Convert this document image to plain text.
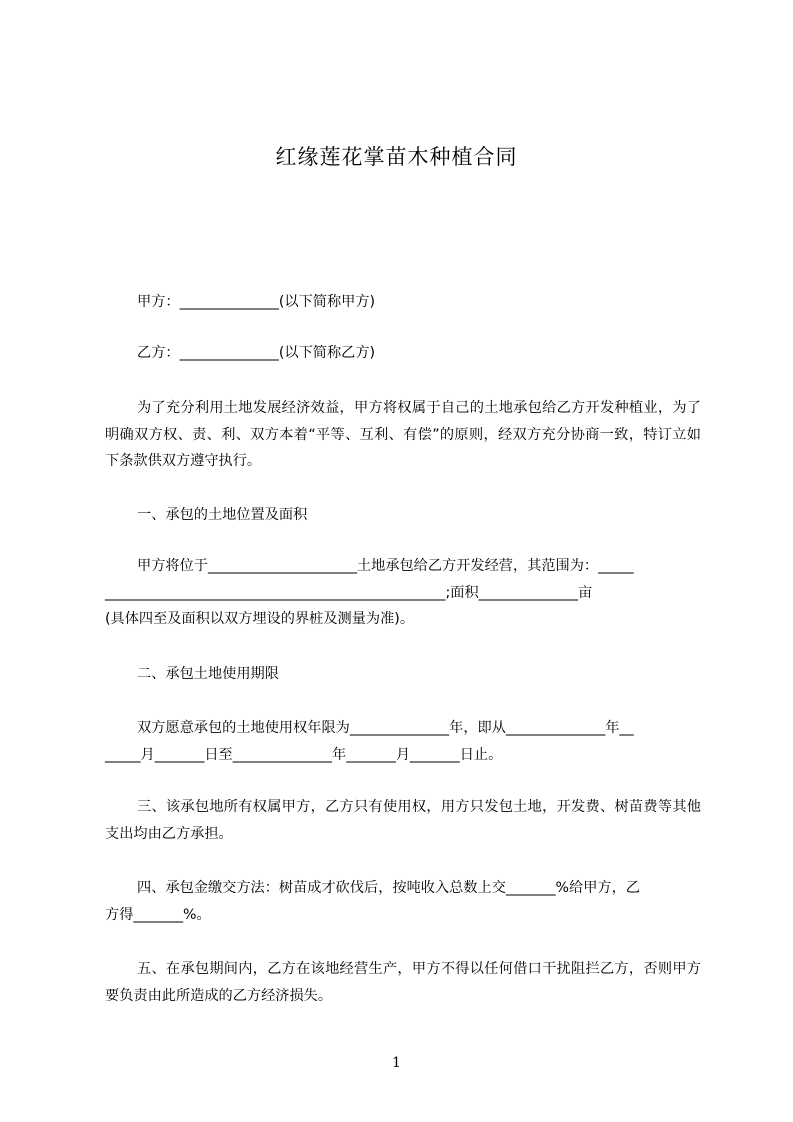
红缘莲花掌苗木种植合同
甲方：______________(以下简称甲方)
乙方：______________(以下简称乙方)
为了充分利用土地发展经济效益，甲方将权属于自己的土地承包给乙方开发种植业，为了明确双方权、责、利、双方本着“平等、互利、有偿”的原则，经双方充分协商一致，特订立如下条款供双方遵守执行。
一、承包的土地位置及面积
甲方将位于_____________________土地承包给乙方开发经营，其范围为：_____
________________________________________________;面积______________亩
(具体四至及面积以双方埋设的界桩及测量为准)。
二、承包土地使用期限
双方愿意承包的土地使用权年限为______________年，即从______________年__
_____月_______日至______________年_______月_______日止。
三、该承包地所有权属甲方，乙方只有使用权，用方只发包土地，开发费、树苗费等其他支出均由乙方承担。
四、承包金缴交方法：树苗成才砍伐后，按吨收入总数上交_______%给甲方，乙
方得_______%。
五、在承包期间内，乙方在该地经营生产，甲方不得以任何借口干扰阻拦乙方，否则甲方要负责由此所造成的乙方经济损失。
1
